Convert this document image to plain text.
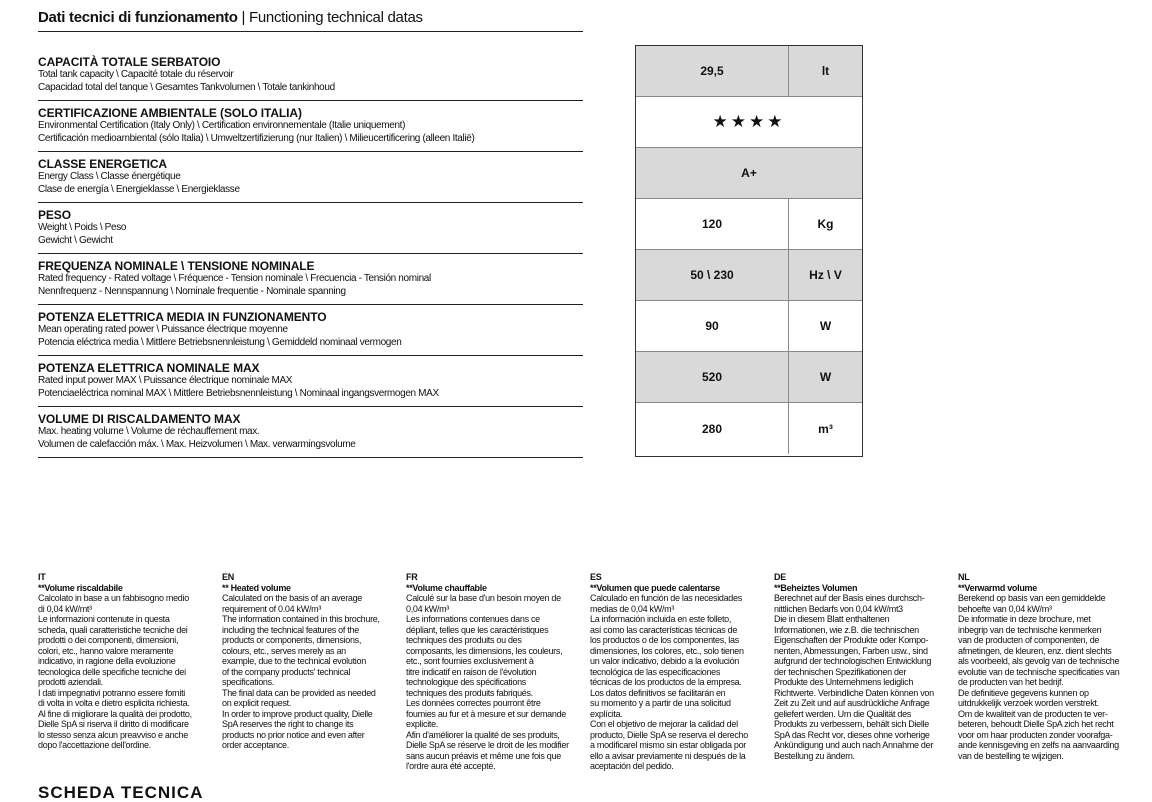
Dati tecnici di funzionamento | Functioning technical datas
CAPACITÀ TOTALE SERBATOIO
Total tank capacity \ Capacité totale du réservoir
Capacidad total del tanque \ Gesamtes Tankvolumen \ Totale tankinhoud
CERTIFICAZIONE AMBIENTALE (SOLO ITALIA)
Environmental Certification (Italy Only) \ Certification environnementale (Italie uniquement)
Certificación medioambiental (sólo Italia) \ Umweltzertifizierung (nur Italien) \ Milieucertificering (alleen Italië)
CLASSE ENERGETICA
Energy Class \ Classe énergétique
Clase de energía \ Energieklasse \ Energieklasse
PESO
Weight \ Poids \ Peso
Gewicht \ Gewicht
FREQUENZA NOMINALE \ TENSIONE NOMINALE
Rated frequency - Rated voltage \ Fréquence - Tension nominale \ Frecuencia - Tensión nominal
Nennfrequenz - Nennspannung \ Nominale frequentie - Nominale spanning
POTENZA ELETTRICA MEDIA IN FUNZIONAMENTO
Mean operating rated power \ Puissance électrique moyenne
Potencia eléctrica media \ Mittlere Betriebsnennleistung \ Gemiddeld nominaal vermogen
POTENZA ELETTRICA NOMINALE MAX
Rated input power MAX \ Puissance électrique nominale MAX
Potenciaeléctrica nominal MAX \ Mittlere Betriebsnennleistung \ Nominaal ingangsvermogen MAX
VOLUME DI RISCALDAMENTO MAX
Max. heating volume \ Volume de réchauffement max.
Volumen de calefacción máx. \ Max. Heizvolumen \ Max. verwarmingsvolume
29,5	lt
★★★★
A+
120	Kg
50 \ 230	Hz \ V
90	W
520	W
280	m³
IT
**Volume riscaldabile

Calcolato in base a un fabbisogno medio

di 0,04 kW/mt³

Le informazioni contenute in questa

scheda, quali caratteristiche tecniche dei

prodotti o dei componenti, dimensioni,

colori, etc., hanno valore meramente

indicativo, in ragione della evoluzione

tecnologica delle specifiche tecniche dei

prodotti aziendali.

I dati impegnativi potranno essere forniti

di volta in volta e dietro esplicita richiesta.

Al fine di migliorare la qualità dei prodotto,

Dielle SpA si riserva il diritto di modificare

lo stesso senza alcun preavviso e anche

dopo l'accettazione dell'ordine.

EN
** Heated volume

Calculated on the basis of an average

requirement of 0.04 kW/m³

The information contained in this brochure,

including the technical features of the

products or components, dimensions,

colours, etc., serves merely as an

example, due to the technical evolution

of the company products' technical

specifications.

The final data can be provided as needed

on explicit request.

In order to improve product quality, Dielle

SpA reserves the right to change its

products no prior notice and even after

order acceptance.

FR
**Volume chauffable

Calculé sur la base d'un besoin moyen de

0,04 kW/m³

Les informations contenues dans ce

dépliant, telles que les caractéristiques

techniques des produits ou des

composants, les dimensions, les couleurs,

etc., sont fournies exclusivement à

titre indicatif en raison de l'évolution

technologique des spécifications

techniques des produits fabriqués.

Les données correctes pourront être

fournies au fur et à mesure et sur demande

explicite.

Afin d'améliorer la qualité de ses produits,

Dielle SpA se réserve le droit de les modifier

sans aucun préavis et même une fois que

l'ordre aura été accepté.

ES
**Volumen que puede calentarse

Calculado en función de las necesidades

medias de 0,04 kW/m³

La información incluida en este folleto,

así como las características técnicas de

los productos o de los componentes, las

dimensiones, los colores, etc., solo tienen

un valor indicativo, debido a la evolución

tecnológica de las especificaciones

técnicas de los productos de la empresa.

Los datos definitivos se facilitarán en

su momento y a partir de una solicitud

explícita.

Con el objetivo de mejorar la calidad del

producto, Dielle SpA se reserva el derecho

a modificarel mismo sin estar obligada por

ello a avisar previamente ni después de la

aceptación del pedido.

DE
**Beheiztes Volumen

Berechnet auf der Basis eines durchsch-

nittlichen Bedarfs von 0,04 kW/mt3

Die in diesem Blatt enthaltenen

Informationen, wie z.B. die technischen

Eigenschaften der Produkte oder Kompo-

nenten, Abmessungen, Farben usw., sind

aufgrund der technologischen Entwicklung

der technischen Spezifikationen der

Produkte des Unternehmens lediglich

Richtwerte. Verbindliche Daten können von

Zeit zu Zeit und auf ausdrückliche Anfrage

geliefert werden. Um die Qualität des

Produkts zu verbessern, behält sich Dielle

SpA das Recht vor, dieses ohne vorherige

Ankündigung und auch nach Annahme der

Bestellung zu ändern.

NL
**Verwarmd volume

Berekend op basis van een gemiddelde

behoefte van 0,04 kW/m³

De informatie in deze brochure, met

inbegrip van de technische kenmerken

van de producten of componenten, de

afmetingen, de kleuren, enz. dient slechts

als voorbeeld, als gevolg van de technische

evolutie van de technische specificaties van

de producten van het bedrijf.

De definitieve gegevens kunnen op

uitdrukkelijk verzoek worden verstrekt.

Om de kwaliteit van de producten te ver-

beteren, behoudt Dielle SpA zich het recht

voor om haar producten zonder voorafga-

ande kennisgeving en zelfs na aanvaarding

van de bestelling te wijzigen.

SCHEDA TECNICA
